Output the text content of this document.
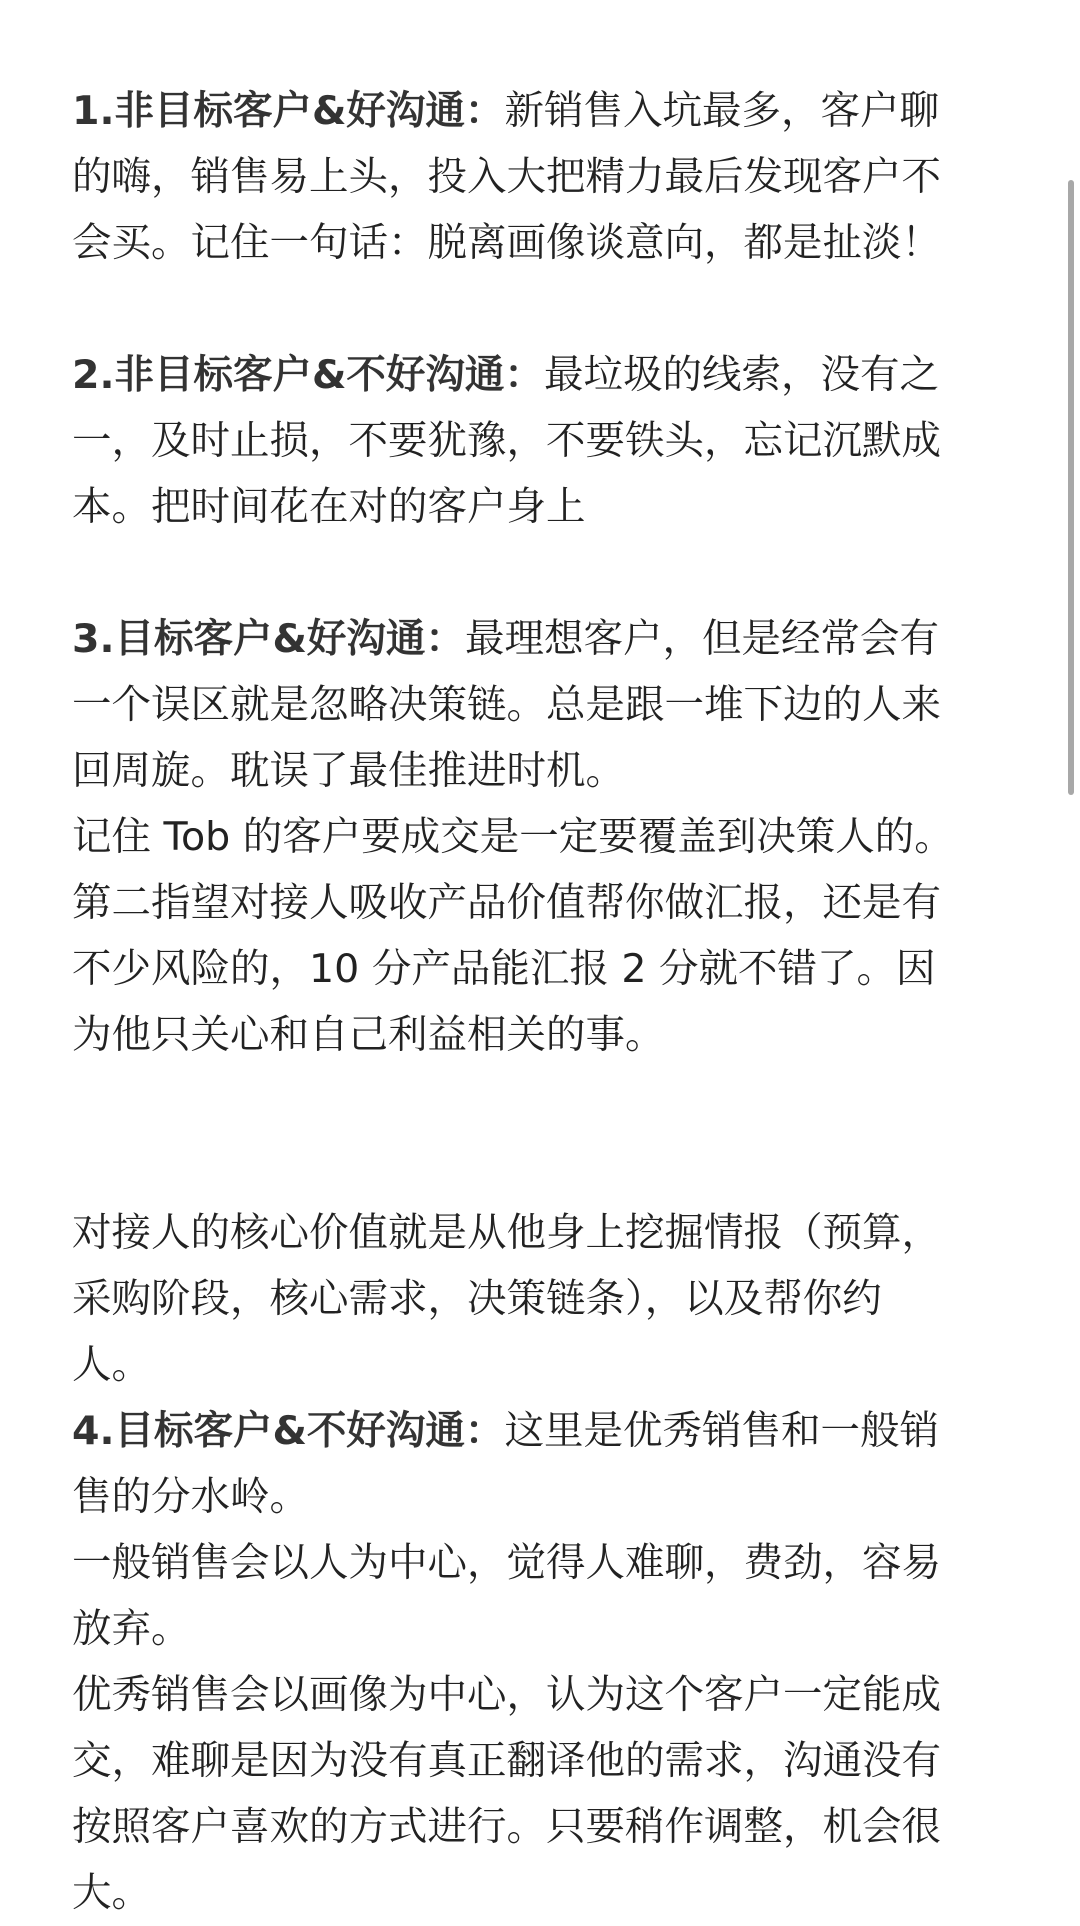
1.非目标客户&好沟通：新销售入坑最多，客户聊
的嗨，销售易上头，投入大把精力最后发现客户不
会买。记住一句话：脱离画像谈意向，都是扯淡！
2.非目标客户&不好沟通：最垃圾的线索，没有之
一，及时止损，不要犹豫，不要铁头，忘记沉默成
本。把时间花在对的客户身上
3.目标客户&好沟通：最理想客户，但是经常会有
一个误区就是忽略决策链。总是跟一堆下边的人来
回周旋。耽误了最佳推进时机。
记住 Tob 的客户要成交是一定要覆盖到决策人的。
第二指望对接人吸收产品价值帮你做汇报，还是有
不少风险的，10 分产品能汇报 2 分就不错了。因
为他只关心和自己利益相关的事。
对接人的核心价值就是从他身上挖掘情报（预算，
采购阶段，核心需求，决策链条），以及帮你约
人。
4.目标客户&不好沟通：这里是优秀销售和一般销
售的分水岭。
一般销售会以人为中心，觉得人难聊，费劲，容易
放弃。
优秀销售会以画像为中心，认为这个客户一定能成
交，难聊是因为没有真正翻译他的需求，沟通没有
按照客户喜欢的方式进行。只要稍作调整，机会很
大。
